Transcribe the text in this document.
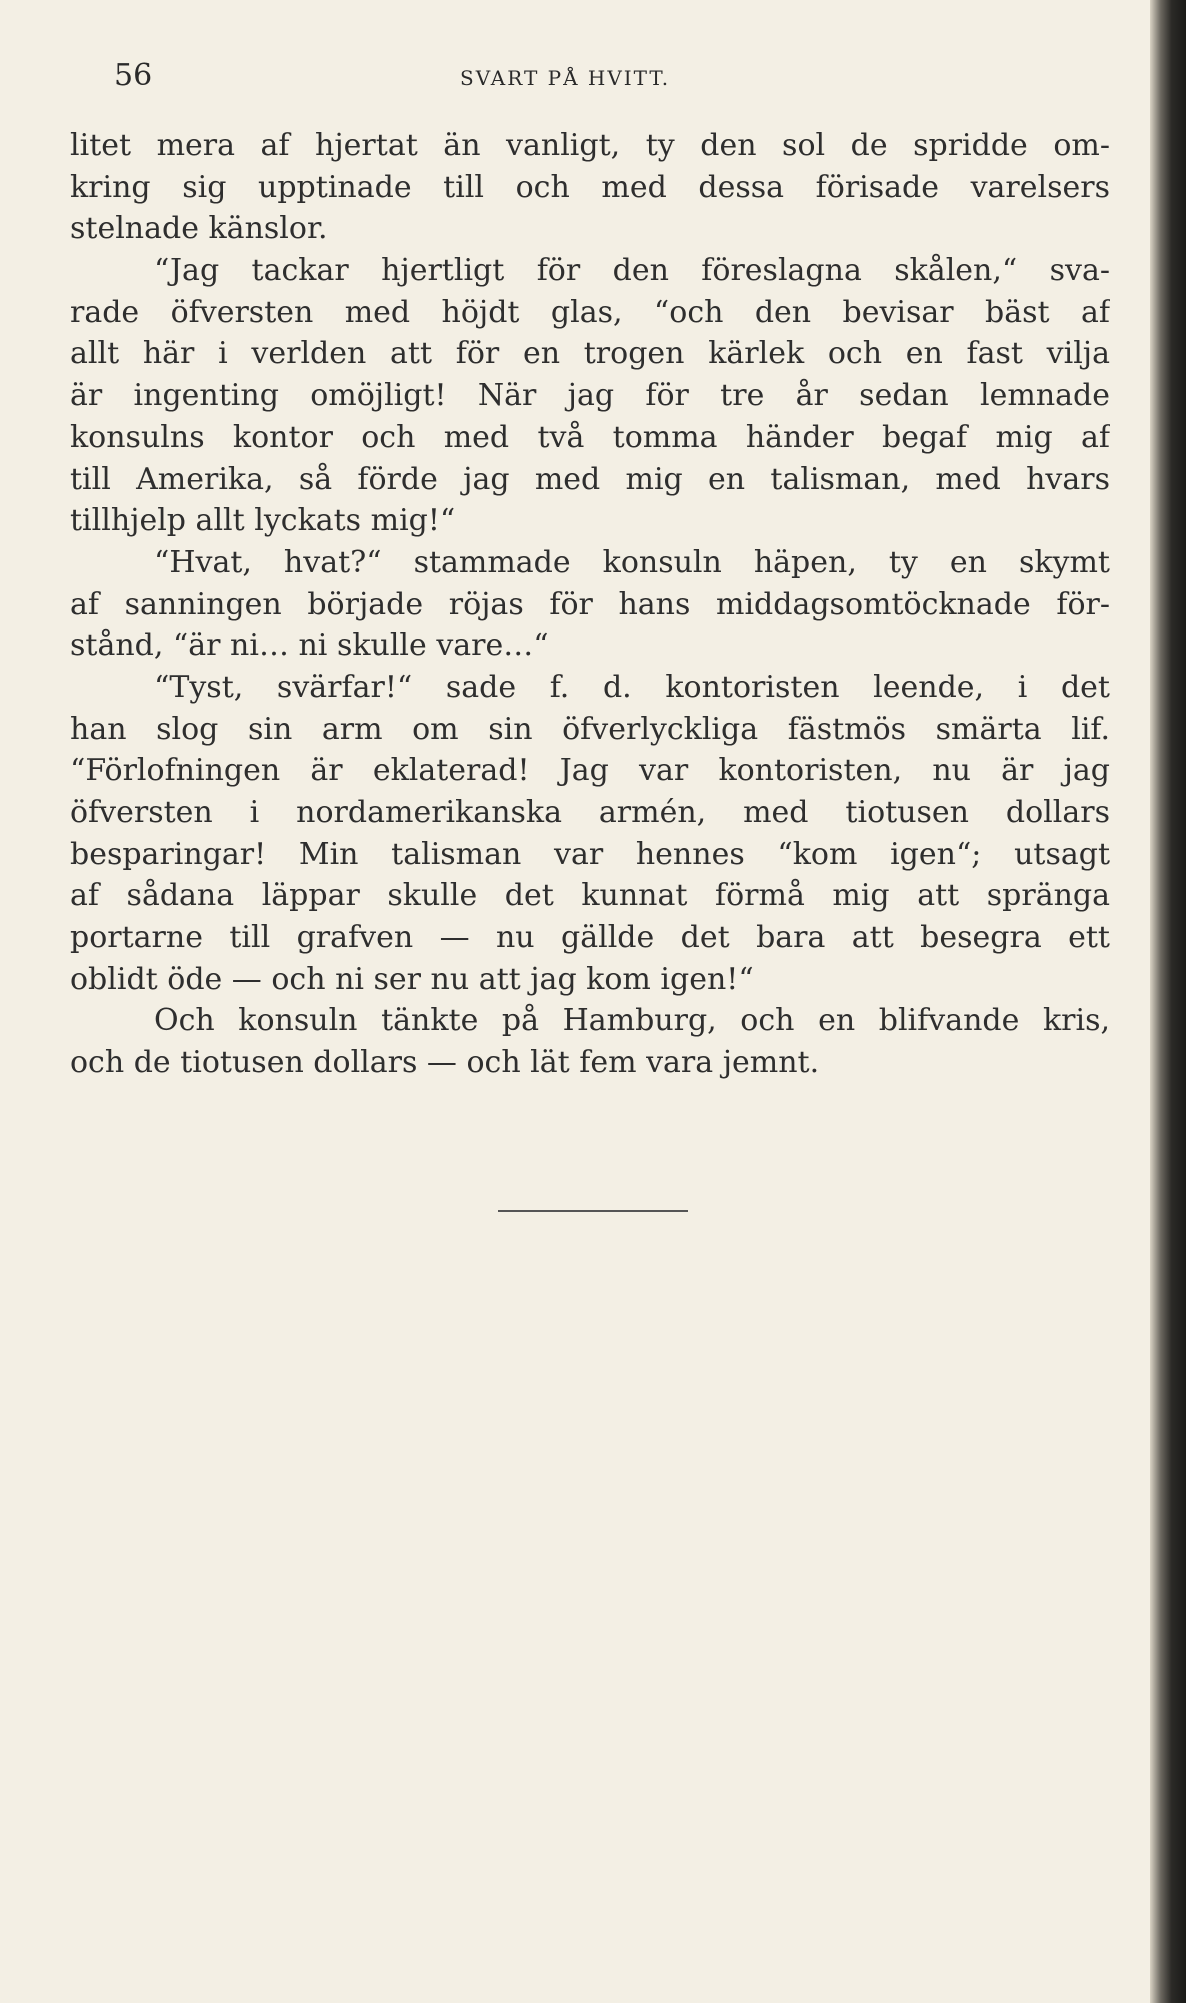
56	SVART PÅ HVITT.
litet mera af hjertat än vanligt, ty den sol de spridde om-
kring sig upptinade till och med dessa förisade varelsers
stelnade känslor.
“Jag tackar hjertligt för den föreslagna skålen,“ sva-
rade öfversten med höjdt glas, “och den bevisar bäst af
allt här i verlden att för en trogen kärlek och en fast vilja
är ingenting omöjligt! När jag för tre år sedan lemnade
konsulns kontor och med två tomma händer begaf mig af
till Amerika, så förde jag med mig en talisman, med hvars
tillhjelp allt lyckats mig!“
“Hvat, hvat?“ stammade konsuln häpen, ty en skymt
af sanningen började röjas för hans middagsomtöcknade för-
stånd, “är ni… ni skulle vare…“
“Tyst, svärfar!“ sade f. d. kontoristen leende, i det
han slog sin arm om sin öfverlyckliga fästmös smärta lif.
“Förlofningen är eklaterad! Jag var kontoristen, nu är jag
öfversten i nordamerikanska armén, med tiotusen dollars
besparingar! Min talisman var hennes “kom igen“; utsagt
af sådana läppar skulle det kunnat förmå mig att spränga
portarne till grafven — nu gällde det bara att besegra ett
oblidt öde — och ni ser nu att jag kom igen!“
Och konsuln tänkte på Hamburg, och en blifvande kris,
och de tiotusen dollars — och lät fem vara jemnt.
